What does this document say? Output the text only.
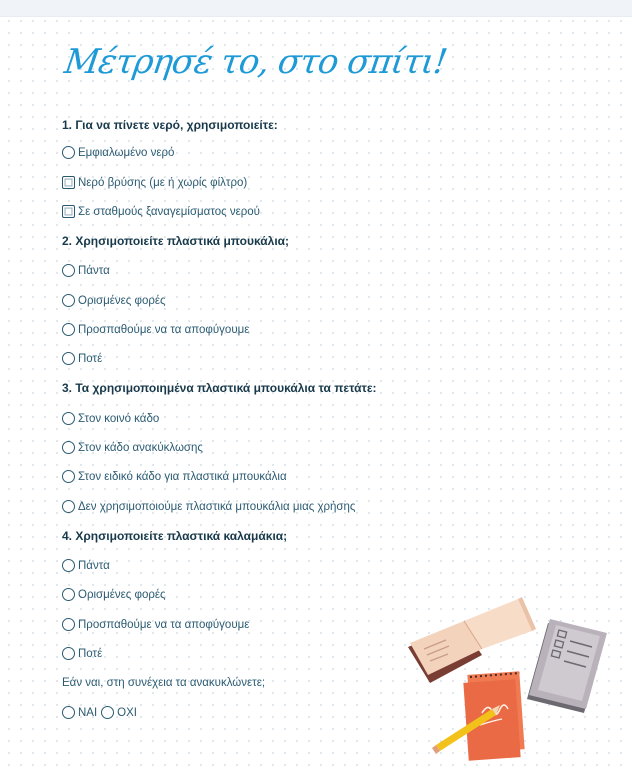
Μέτρησέ το, στο σπίτι!
1. Για να πίνετε νερό, χρησιμοποιείτε:
Εμφιαλωμένο νερό
Νερό βρύσης (με ή χωρίς φίλτρο)
Σε σταθμούς ξαναγεμίσματος νερού
2. Χρησιμοποιείτε πλαστικά μπουκάλια;
Πάντα
Ορισμένες φορές
Προσπαθούμε να τα αποφύγουμε
Ποτέ
3. Τα χρησιμοποιημένα πλαστικά μπουκάλια τα πετάτε:
Στον κοινό κάδο
Στον κάδο ανακύκλωσης
Στον ειδικό κάδο για πλαστικά μπουκάλια
Δεν χρησιμοποιούμε πλαστικά μπουκάλια μιας χρήσης
4. Χρησιμοποιείτε πλαστικά καλαμάκια;
Πάντα
Ορισμένες φορές
Προσπαθούμε να τα αποφύγουμε
Ποτέ
Εάν ναι, στη συνέχεια τα ανακυκλώνετε;
ΝΑΙ ΟΧΙ
